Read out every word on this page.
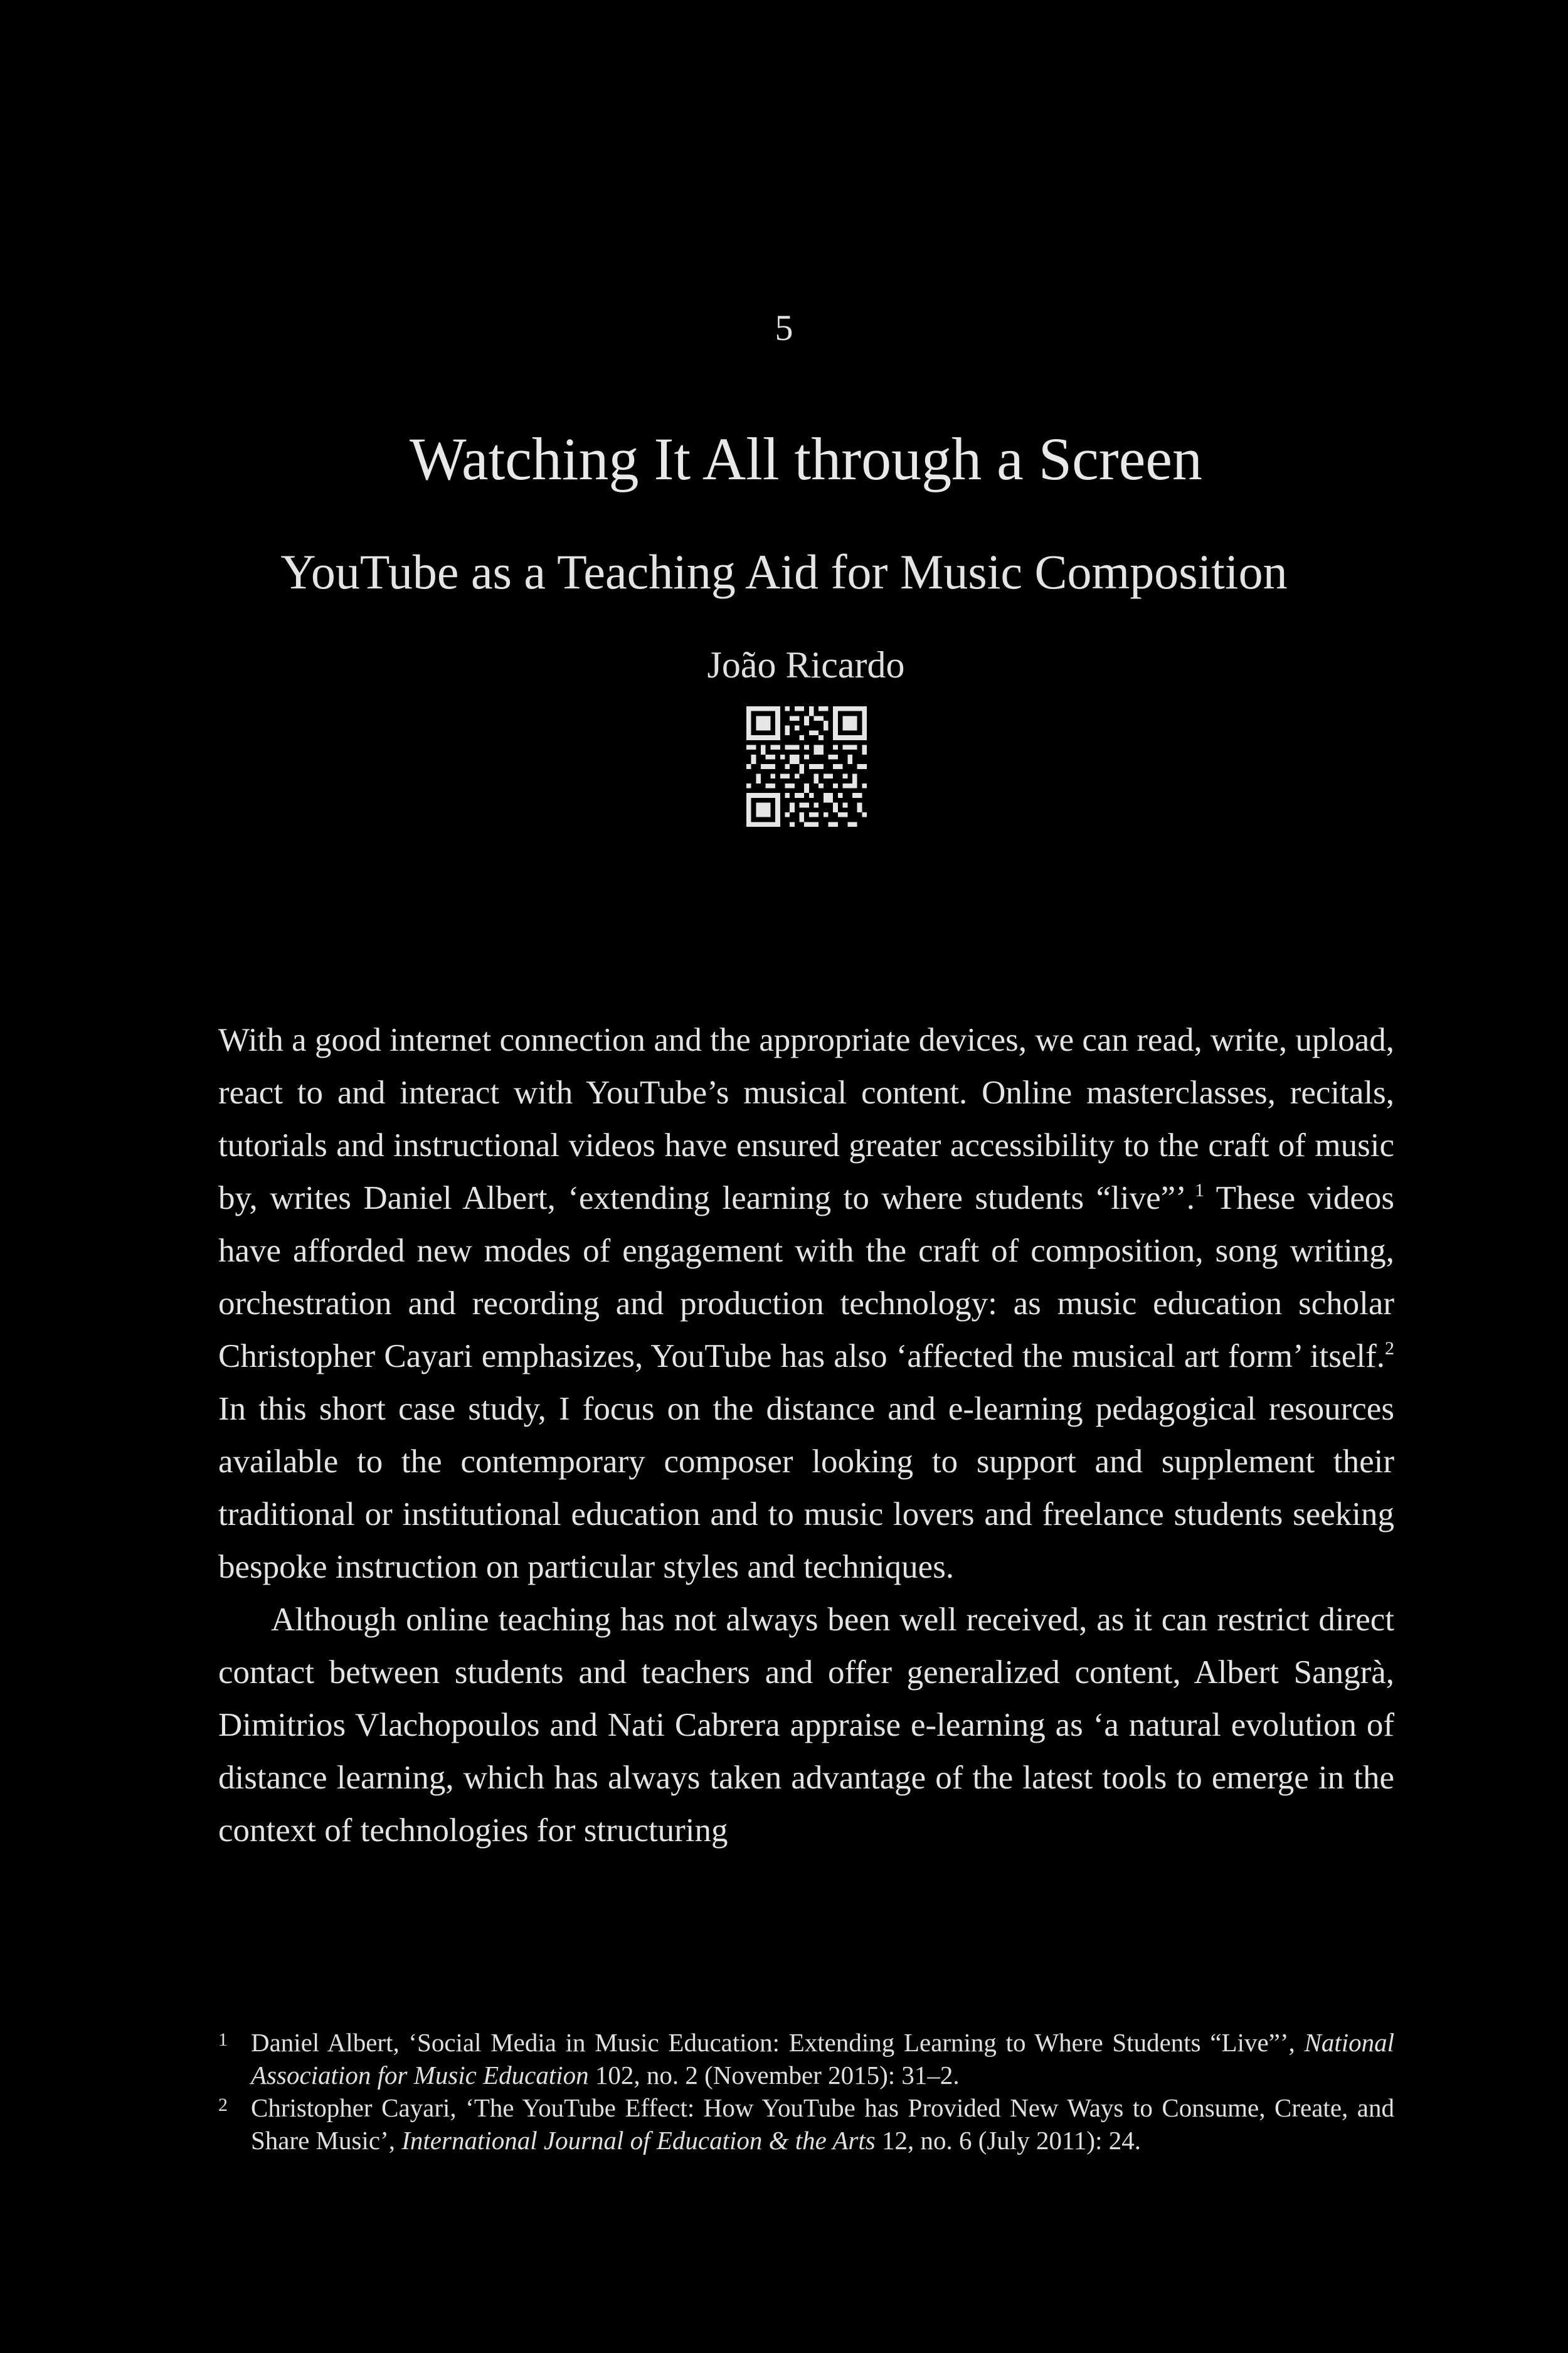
5
Watching It All through a Screen
YouTube as a Teaching Aid for Music Composition
João Ricardo

With a good internet connection and the appropriate devices, we can read, write, upload, react to and interact with YouTube’s musical content. Online masterclasses, recitals, tutorials and instructional videos have ensured greater accessibility to the craft of music by, writes Daniel Albert, ‘extending learning to where students “live”’.$^1$ These videos have afforded new modes of engagement with the craft of composition, song writing, orchestration and recording and production technology: as music education scholar Christopher Cayari emphasizes, YouTube has also ‘affected the musical art form’ itself.$^2$ In this short case study, I focus on the distance and e-learning pedagogical resources available to the contemporary composer looking to support and supplement their traditional or institutional education and to music lovers and freelance students seeking bespoke instruction on particular styles and techniques.

Although online teaching has not always been well received, as it can restrict direct contact between students and teachers and offer generalized content, Albert Sangrà, Dimitrios Vlachopoulos and Nati Cabrera appraise e-learning as ‘a natural evolution of distance learning, which has always taken advantage of the latest tools to emerge in the context of technologies for structuring

1 Daniel Albert, ‘Social Media in Music Education: Extending Learning to Where Students “Live”’, National Association for Music Education 102, no. 2 (November 2015): 31–2.
2 Christopher Cayari, ‘The YouTube Effect: How YouTube has Provided New Ways to Consume, Create, and Share Music’, International Journal of Education & the Arts 12, no. 6 (July 2011): 24.
